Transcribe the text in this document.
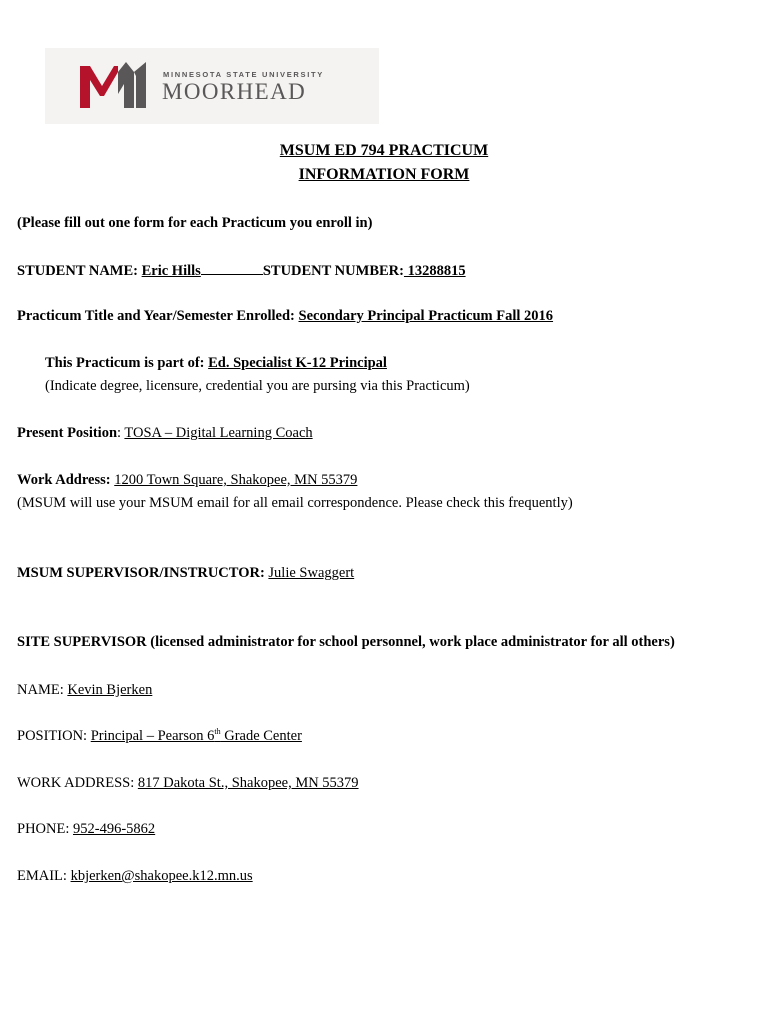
MINNESOTA STATE UNIVERSITY
MOORHEAD
MSUM ED 794 PRACTICUM
INFORMATION FORM
(Please fill out one form for each Practicum you enroll in)
STUDENT NAME: Eric Hills	STUDENT NUMBER: 13288815
Practicum Title and Year/Semester Enrolled: Secondary Principal Practicum Fall 2016
This Practicum is part of: Ed. Specialist K-12 Principal
(Indicate degree, licensure, credential you are pursing via this Practicum)
Present Position: TOSA – Digital Learning Coach
Work Address: 1200 Town Square, Shakopee, MN 55379
(MSUM will use your MSUM email for all email correspondence. Please check this frequently)
MSUM SUPERVISOR/INSTRUCTOR: Julie Swaggert
SITE SUPERVISOR (licensed administrator for school personnel, work place administrator for all others)
NAME: Kevin Bjerken
POSITION: Principal – Pearson 6th Grade Center
WORK ADDRESS: 817 Dakota St., Shakopee, MN 55379
PHONE: 952-496-5862
EMAIL: kbjerken@shakopee.k12.mn.us
